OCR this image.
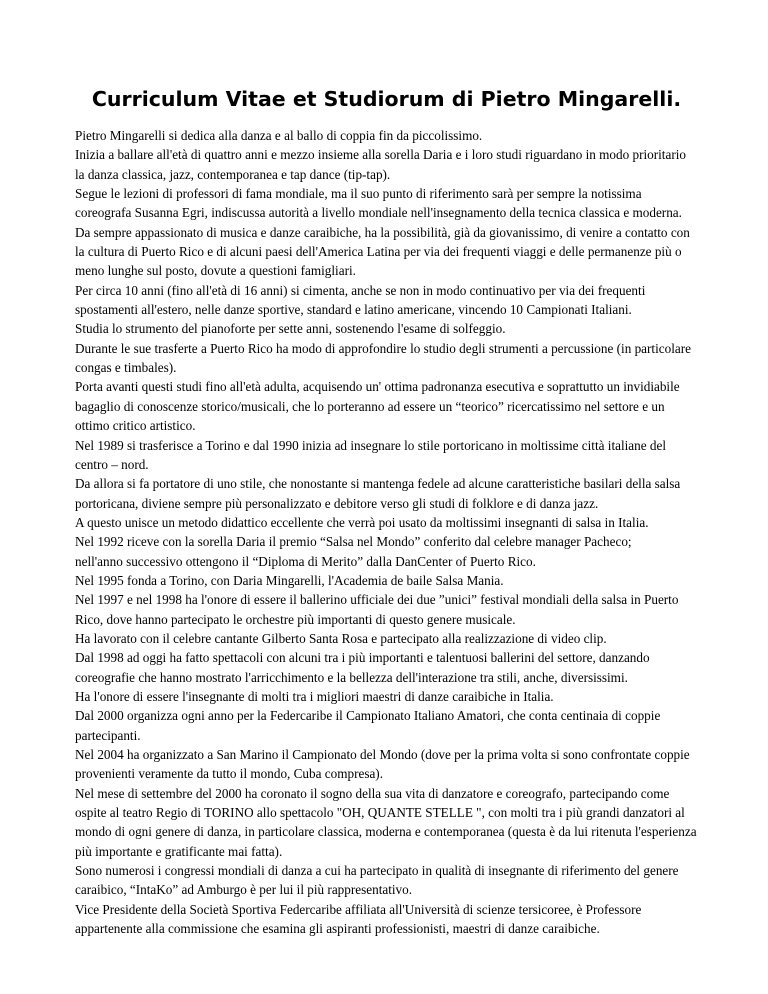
Curriculum Vitae et Studiorum di Pietro Mingarelli.

Pietro Mingarelli si dedica alla danza e al ballo di coppia fin da piccolissimo.

Inizia a ballare all'età di quattro anni e mezzo insieme alla sorella Daria e i loro studi riguardano in modo prioritario la danza classica, jazz, contemporanea e tap dance (tip-tap).

Segue le lezioni di professori di fama mondiale, ma il suo punto di riferimento sarà per sempre la notissima coreografa Susanna Egri, indiscussa autorità a livello mondiale nell'insegnamento della tecnica classica e moderna.

Da sempre appassionato di musica e danze caraibiche, ha la possibilità, già da giovanissimo, di venire a contatto con la cultura di Puerto Rico e di alcuni paesi dell'America Latina per via dei frequenti viaggi e delle permanenze più o meno lunghe sul posto, dovute a questioni famigliari.

Per circa 10 anni (fino all'età di 16 anni) si cimenta, anche se non in modo continuativo per via dei frequenti spostamenti all'estero, nelle danze sportive, standard e latino americane, vincendo 10 Campionati Italiani.

Studia lo strumento del pianoforte per sette anni, sostenendo l'esame di solfeggio.

Durante le sue trasferte a Puerto Rico ha modo di approfondire lo studio degli strumenti a percussione (in particolare congas e timbales).

Porta avanti questi studi fino all'età adulta, acquisendo un' ottima padronanza esecutiva e soprattutto un invidiabile bagaglio di conoscenze storico/musicali, che lo porteranno ad essere un “teorico” ricercatissimo nel settore e un ottimo critico artistico.

Nel 1989 si trasferisce a Torino e dal 1990 inizia ad insegnare lo stile portoricano in moltissime città italiane del centro – nord.

Da allora si fa portatore di uno stile, che nonostante si mantenga fedele ad alcune caratteristiche basilari della salsa portoricana, diviene sempre più personalizzato e debitore verso gli studi di folklore e di danza jazz.

A questo unisce un metodo didattico eccellente che verrà poi usato da moltissimi insegnanti di salsa in Italia.

Nel 1992 riceve con la sorella Daria il premio “Salsa nel Mondo” conferito dal celebre manager Pacheco;

nell'anno successivo ottengono il “Diploma di Merito” dalla DanCenter of Puerto Rico.

Nel 1995 fonda a Torino, con Daria Mingarelli, l'Academia de baile Salsa Mania.

Nel 1997 e nel 1998 ha l'onore di essere il ballerino ufficiale dei due ”unici” festival mondiali della salsa in Puerto Rico, dove hanno partecipato le orchestre più importanti di questo genere musicale.

Ha lavorato con il celebre cantante Gilberto Santa Rosa e partecipato alla realizzazione di video clip.

Dal 1998 ad oggi ha fatto spettacoli con alcuni tra i più importanti e talentuosi ballerini del settore, danzando coreografie che hanno mostrato l'arricchimento e la bellezza dell'interazione tra stili, anche, diversissimi.

Ha l'onore di essere l'insegnante di molti tra i migliori maestri di danze caraibiche in Italia.

Dal 2000 organizza ogni anno per la Federcaribe il Campionato Italiano Amatori, che conta centinaia di coppie partecipanti.

Nel 2004 ha organizzato a San Marino il Campionato del Mondo (dove per la prima volta si sono confrontate coppie provenienti veramente da tutto il mondo, Cuba compresa).

Nel mese di settembre del 2000 ha coronato il sogno della sua vita di danzatore e coreografo, partecipando come ospite al teatro Regio di TORINO allo spettacolo "OH, QUANTE STELLE ", con molti tra i più grandi danzatori al mondo di ogni genere di danza, in particolare classica, moderna e contemporanea (questa è da lui ritenuta l'esperienza più importante e gratificante mai fatta).

Sono numerosi i congressi mondiali di danza a cui ha partecipato in qualità di insegnante di riferimento del genere caraibico, “IntaKo” ad Amburgo è per lui il più rappresentativo.

Vice Presidente della Società Sportiva Federcaribe affiliata all'Università di scienze tersicoree, è Professore appartenente alla commissione che esamina gli aspiranti professionisti, maestri di danze caraibiche.
